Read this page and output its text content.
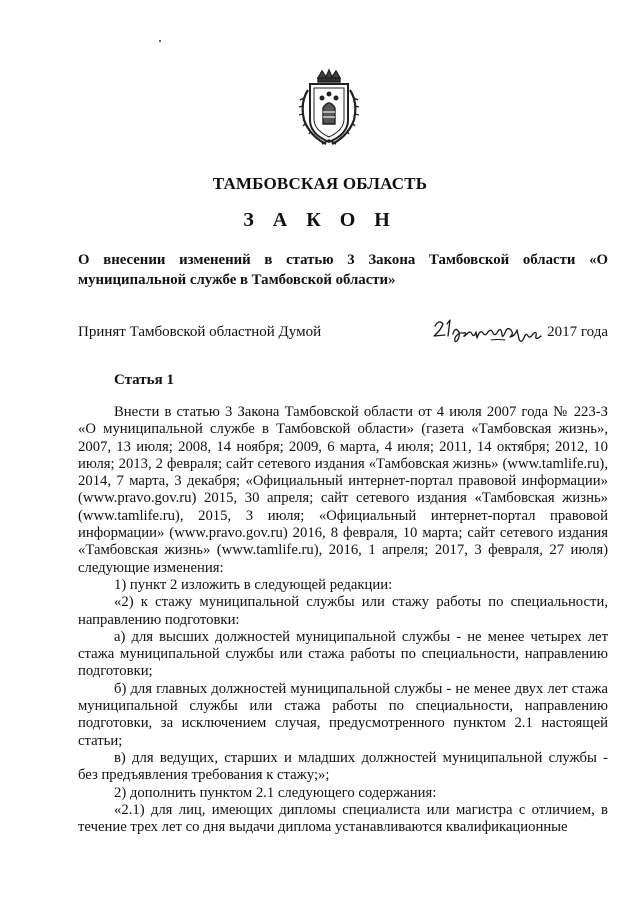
ТАМБОВСКАЯ ОБЛАСТЬ
З А К О Н
О внесении изменений в статью 3 Закона Тамбовской области «О муниципальной службе в Тамбовской области»
Принят Тамбовской областной Думой	2017 года
Статья 1

Внести в статью 3 Закона Тамбовской области от 4 июля 2007 года № 223-З «О муниципальной службе в Тамбовской области» (газета «Тамбовская жизнь», 2007, 13 июля; 2008, 14 ноября; 2009, 6 марта, 4 июля; 2011, 14 октября; 2012, 10 июля; 2013, 2 февраля; сайт сетевого издания «Тамбовская жизнь» (www.tamlife.ru), 2014, 7 марта, 3 декабря; «Официальный интернет-портал правовой информации» (www.pravo.gov.ru) 2015, 30 апреля; сайт сетевого издания «Тамбовская жизнь» (www.tamlife.ru), 2015, 3 июля; «Официальный интернет-портал правовой информации» (www.pravo.gov.ru) 2016, 8 февраля, 10 марта; сайт сетевого издания «Тамбовская жизнь» (www.tamlife.ru), 2016, 1 апреля; 2017, 3 февраля, 27 июля) следующие изменения:

1) пункт 2 изложить в следующей редакции:

«2) к стажу муниципальной службы или стажу работы по специальности, направлению подготовки:

а) для высших должностей муниципальной службы - не менее четырех лет стажа муниципальной службы или стажа работы по специальности, направлению подготовки;

б) для главных должностей муниципальной службы - не менее двух лет стажа муниципальной службы или стажа работы по специальности, направлению подготовки, за исключением случая, предусмотренного пунктом 2.1 настоящей статьи;

в) для ведущих, старших и младших должностей муниципальной службы - без предъявления требования к стажу;»;

2) дополнить пунктом 2.1 следующего содержания:

«2.1) для лиц, имеющих дипломы специалиста или магистра с отличием, в течение трех лет со дня выдачи диплома устанавливаются квалификационные
